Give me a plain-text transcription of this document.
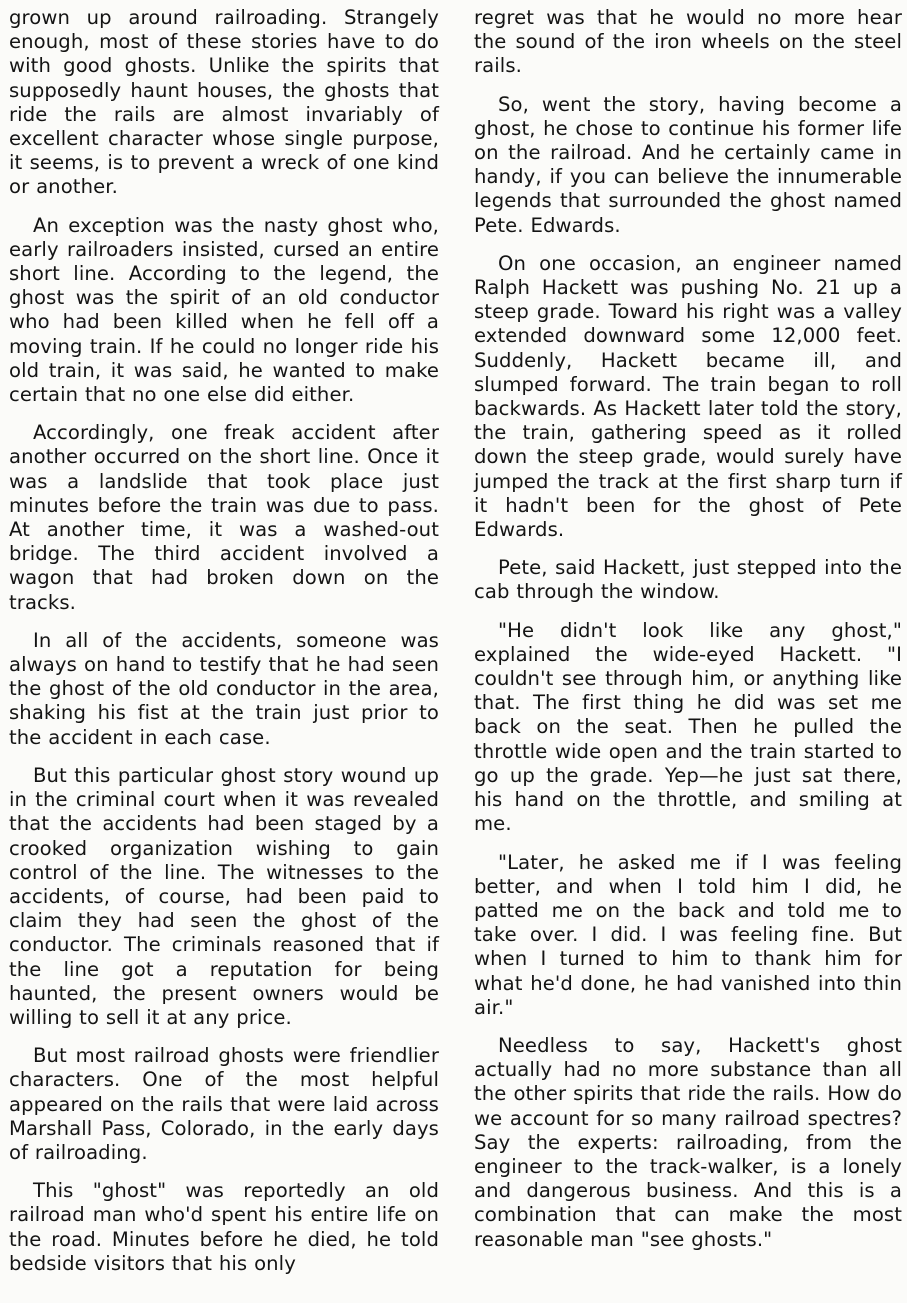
grown up around railroading. Strangely enough, most of these stories have to do with good ghosts. Unlike the spirits that supposedly haunt houses, the ghosts that ride the rails are almost invariably of excellent character whose single purpose, it seems, is to prevent a wreck of one kind or another.

An exception was the nasty ghost who, early railroaders insisted, cursed an entire short line. According to the legend, the ghost was the spirit of an old conductor who had been killed when he fell off a moving train. If he could no longer ride his old train, it was said, he wanted to make certain that no one else did either.

Accordingly, one freak accident after another occurred on the short line. Once it was a landslide that took place just minutes before the train was due to pass. At another time, it was a washed-out bridge. The third accident involved a wagon that had broken down on the tracks.

In all of the accidents, someone was always on hand to testify that he had seen the ghost of the old conductor in the area, shaking his fist at the train just prior to the accident in each case.

But this particular ghost story wound up in the criminal court when it was revealed that the accidents had been staged by a crooked organization wishing to gain control of the line. The witnesses to the accidents, of course, had been paid to claim they had seen the ghost of the conductor. The criminals reasoned that if the line got a reputation for being haunted, the present owners would be willing to sell it at any price.

But most railroad ghosts were friendlier characters. One of the most helpful appeared on the rails that were laid across Marshall Pass, Colorado, in the early days of railroading.

This "ghost" was reportedly an old railroad man who'd spent his entire life on the road. Minutes before he died, he told bedside visitors that his only

regret was that he would no more hear the sound of the iron wheels on the steel rails.

So, went the story, having become a ghost, he chose to continue his former life on the railroad. And he certainly came in handy, if you can believe the innumerable legends that surrounded the ghost named Pete. Edwards.

On one occasion, an engineer named Ralph Hackett was pushing No. 21 up a steep grade. Toward his right was a valley extended downward some 12,000 feet. Suddenly, Hackett became ill, and slumped forward. The train began to roll backwards. As Hackett later told the story, the train, gathering speed as it rolled down the steep grade, would surely have jumped the track at the first sharp turn if it hadn't been for the ghost of Pete Edwards.

Pete, said Hackett, just stepped into the cab through the window.

"He didn't look like any ghost," explained the wide-eyed Hackett. "I couldn't see through him, or anything like that. The first thing he did was set me back on the seat. Then he pulled the throttle wide open and the train started to go up the grade. Yep—he just sat there, his hand on the throttle, and smiling at me.

"Later, he asked me if I was feeling better, and when I told him I did, he patted me on the back and told me to take over. I did. I was feeling fine. But when I turned to him to thank him for what he'd done, he had vanished into thin air."

Needless to say, Hackett's ghost actually had no more substance than all the other spirits that ride the rails. How do we account for so many railroad spectres? Say the experts: railroading, from the engineer to the track-walker, is a lonely and dangerous business. And this is a combination that can make the most reasonable man "see ghosts."
